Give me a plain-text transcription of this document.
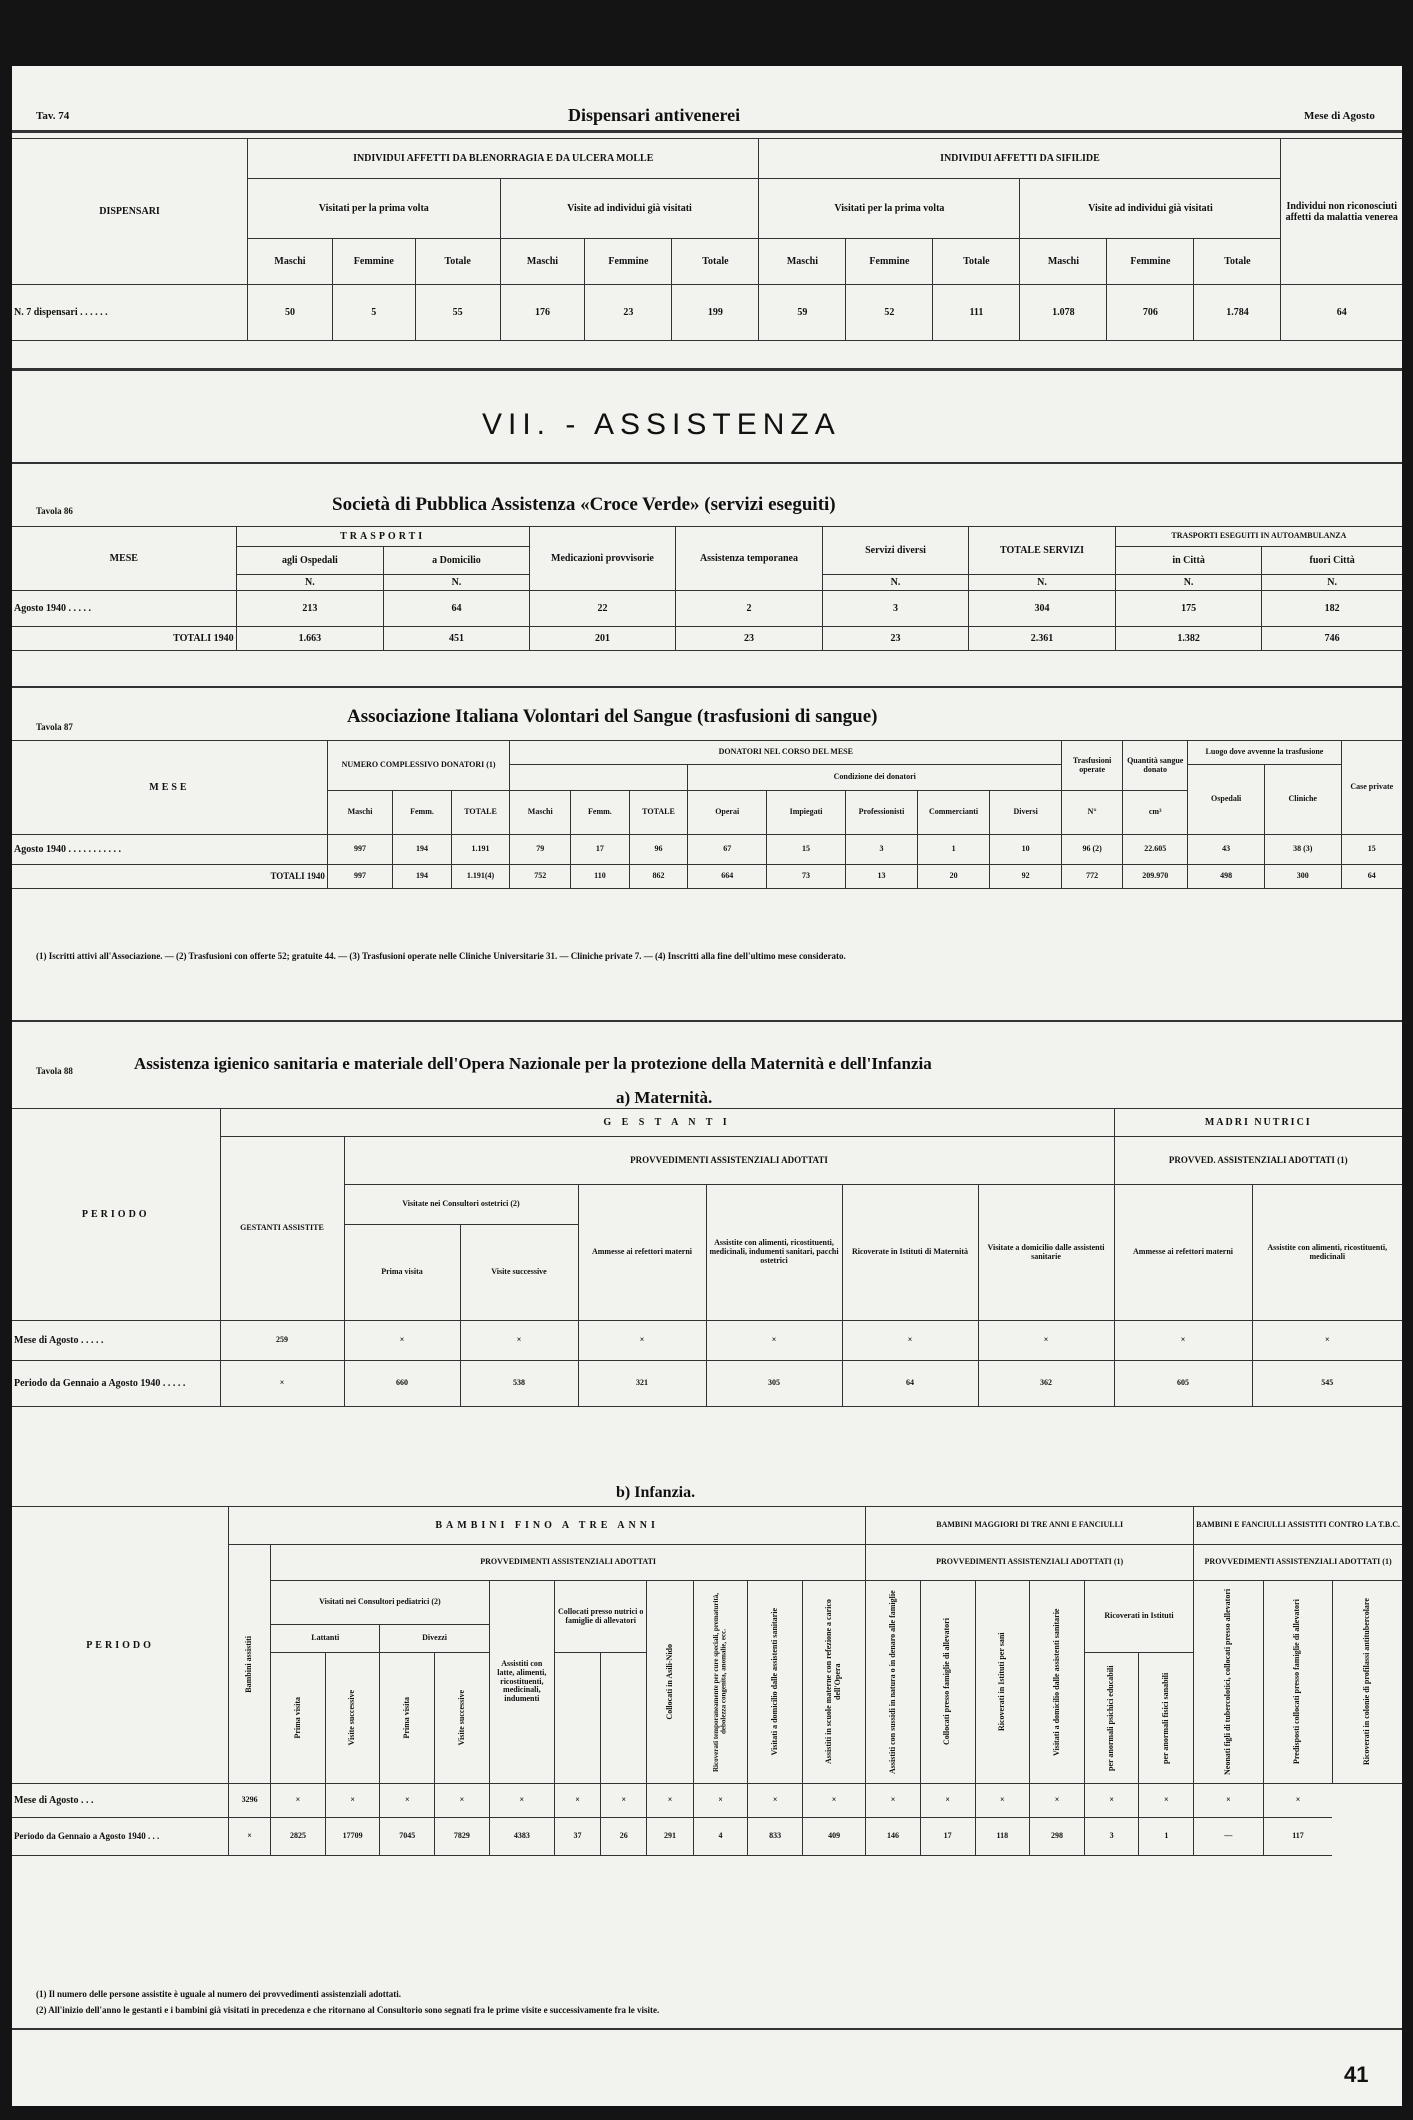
Tav. 74	Dispensari antivenerei	Mese di Agosto
DISPENSARI	INDIVIDUI AFFETTI DA BLENORRAGIA E DA ULCERA MOLLE						INDIVIDUI AFFETTI DA SIFILIDE						Individui non riconosciuti affetti da malattia venerea
	Visitati per la prima volta			Visite ad individui già visitati			Visitati per la prima volta			Visite ad individui già visitati			
	Maschi	Femmine	Totale	Maschi	Femmine	Totale	Maschi	Femmine	Totale	Maschi	Femmine	Totale	
N. 7 dispensari . . . . . .	50	5	55	176	23	199	59	52	111	1.078	706	1.784	64
VII. - ASSISTENZA
Tavola 86	Società di Pubblica Assistenza «Croce Verde» (servizi eseguiti)
MESE	TRASPORTI		Medicazioni provvisorie	Assistenza temporanea	Servizi diversi	TOTALE SERVIZI	TRASPORTI ESEGUITI IN AUTOAMBULANZA	
	agli Ospedali	a Domicilio					in Città	fuori Città
	N.	N.			N.	N.	N.	N.
Agosto 1940 . . . . .	213	64	22	2	3	304	175	182
TOTALI 1940	1.663	451	201	23	23	2.361	1.382	746
Tavola 87	Associazione Italiana Volontari del Sangue (trasfusioni di sangue)
MESE	NUMERO COMPLESSIVO DONATORI (1)			DONATORI NEL CORSO DEL MESE								Trasfusioni operate	Quantità sangue donato	Luogo dove avvenne la trasfusione		Case private
							Condizione dei donatori							Ospedali	Cliniche	
	Maschi	Femm.	TOTALE	Maschi	Femm.	TOTALE	Operai	Impiegati	Professionisti	Commercianti	Diversi	N°	cm³			
Agosto 1940 . . . . . . . . . . .	997	194	1.191	79	17	96	67	15	3	1	10	96 (2)	22.605	43	38 (3)	15
TOTALI 1940	997	194	1.191(4)	752	110	862	664	73	13	20	92	772	209.970	498	300	64
(1) Iscritti attivi all'Associazione. — (2) Trasfusioni con offerte 52; gratuite 44. — (3) Trasfusioni operate nelle Cliniche Universitarie 31. — Cliniche private 7. — (4) Inscritti alla fine dell'ultimo mese considerato.
Tavola 88	Assistenza igienico sanitaria e materiale dell'Opera Nazionale per la protezione della Maternità e dell'Infanzia
a) Maternità.
PERIODO	G E S T A N T I							MADRI NUTRICI	
	GESTANTI ASSISTITE	PROVVEDIMENTI ASSISTENZIALI ADOTTATI						PROVVED. ASSISTENZIALI ADOTTATI (1)	
		Visitate nei Consultori ostetrici (2)		Ammesse ai refettori materni	Assistite con alimenti, ricostituenti, medicinali, indumenti sanitari, pacchi ostetrici	Ricoverate in Istituti di Maternità	Visitate a domicilio dalle assistenti sanitarie	Ammesse ai refettori materni	Assistite con alimenti, ricostituenti, medicinali
		Prima visita	Visite successive						
Mese di Agosto . . . . .	259	×	×	×	×	×	×	×	×
Periodo da Gennaio a Agosto 1940 . . . . .	×	660	538	321	305	64	362	605	545
b) Infanzia.
PERIODO	BAMBINI FINO A TRE ANNI												BAMBINI MAGGIORI DI TRE ANNI E FANCIULLI						BAMBINI E FANCIULLI ASSISTITI CONTRO LA T.B.C.		

	Bambini assistiti	PROVVEDIMENTI ASSISTENZIALI ADOTTATI											PROVVEDIMENTI ASSISTENZIALI ADOTTATI (1)						PROVVEDIMENTI ASSISTENZIALI ADOTTATI (1)		
		Visitati nei Consultori pediatrici (2)				Assistiti con latte, alimenti, ricostituenti, medicinali, indumenti	Collocati presso nutrici o famiglie di allevatori		Collocati in Asili-Nido	Ricoverati temporaneamente per cure speciali, prematurità, debolezza congenita, anomalie, ecc.	Visitati a domicilio dalle assistenti sanitarie	Assistiti in scuole materne con refezione a carico dell'Opera	Assistiti con sussidi in natura o in denaro alle famiglie	Collocati presso famiglie di allevatori	Ricoverati in Istituti per sani	Visitati a domicilio dalle assistenti sanitarie	Ricoverati in Istituti		Neonati figli di tubercolotici, collocati presso allevatori	Predisposti collocati presso famiglie di allevatori	Ricoverati in colonie di profilassi antitubercolare

		Lattanti		Divezzi																	

		Prima visita	Visite successive	Prima visita	Visite successive												per anormali psichici educabili	per anormali fisici sanabili			

Mese di Agosto . . .	3296	×	×	×	×	×	×	×	×	×	×	×	×	×	×	×	×	×	×	×	
Periodo da Gennaio a Agosto 1940 . . .	×	2825	17709	7045	7829	4383	37	26	291	4	833	409	146	17	118	298	3	1	—	117	
(1) Il numero delle persone assistite è uguale al numero dei provvedimenti assistenziali adottati.
(2) All'inizio dell'anno le gestanti e i bambini già visitati in precedenza e che ritornano al Consultorio sono segnati fra le prime visite e successivamente fra le visite.
41
